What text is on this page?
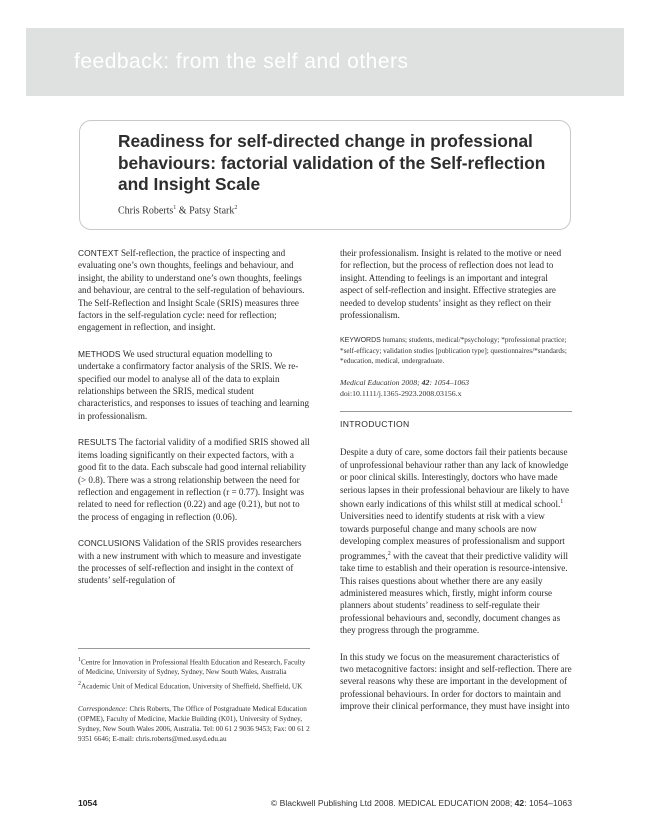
feedback: from the self and others
Readiness for self-directed change in professional behaviours: factorial validation of the Self-reflection and Insight Scale
Chris Roberts$^1$ & Patsy Stark$^2$

CONTEXT Self-reflection, the practice of inspecting and evaluating one’s own thoughts, feelings and behaviour, and insight, the ability to understand one’s own thoughts, feelings and behaviour, are central to the self-regulation of behaviours. The Self-Reflection and Insight Scale (SRIS) measures three factors in the self-regulation cycle: need for reflection; engagement in reflection, and insight.

METHODS We used structural equation modelling to undertake a confirmatory factor analysis of the SRIS. We re-specified our model to analyse all of the data to explain relationships between the SRIS, medical student characteristics, and responses to issues of teaching and learning in professionalism.

RESULTS The factorial validity of a modified SRIS showed all items loading significantly on their expected factors, with a good fit to the data. Each subscale had good internal reliability (> 0.8). There was a strong relationship between the need for reflection and engagement in reflection (r = 0.77). Insight was related to need for reflection (0.22) and age (0.21), but not to the process of engaging in reflection (0.06).

CONCLUSIONS Validation of the SRIS provides researchers with a new instrument with which to measure and investigate the processes of self-reflection and insight in the context of students’ self-regulation of

$^1$Centre for Innovation in Professional Health Education and Research, Faculty of Medicine, University of Sydney, Sydney, New South Wales, Australia

$^2$Academic Unit of Medical Education, University of Sheffield, Sheffield, UK

Correspondence: Chris Roberts, The Office of Postgraduate Medical Education (OPME), Faculty of Medicine, Mackie Building (K01), University of Sydney, Sydney, New South Wales 2006, Australia. Tel: 00 61 2 9036 9453; Fax: 00 61 2 9351 6646; E-mail: chris.roberts@med.usyd.edu.au

their professionalism. Insight is related to the motive or need for reflection, but the process of reflection does not lead to insight. Attending to feelings is an important and integral aspect of self-reflection and insight. Effective strategies are needed to develop students’ insight as they reflect on their professionalism.

KEYWORDS humans; students, medical/*psychology; *professional practice; *self-efficacy; validation studies [publication type]; questionnaires/*standards; *education, medical, undergraduate.

Medical Education 2008; 42: 1054–1063

doi:10.1111/j.1365-2923.2008.03156.x

INTRODUCTION

Despite a duty of care, some doctors fail their patients because of unprofessional behaviour rather than any lack of knowledge or poor clinical skills. Interestingly, doctors who have made serious lapses in their professional behaviour are likely to have shown early indications of this whilst still at medical school.$^1$ Universities need to identify students at risk with a view towards purposeful change and many schools are now developing complex measures of professionalism and support programmes,$^2$ with the caveat that their predictive validity will take time to establish and their operation is resource-intensive. This raises questions about whether there are any easily administered measures which, firstly, might inform course planners about students’ readiness to self-regulate their professional behaviours and, secondly, document changes as they progress through the programme.

In this study we focus on the measurement characteristics of two metacognitive factors: insight and self-reflection. There are several reasons why these are important in the development of professional behaviours. In order for doctors to maintain and improve their clinical performance, they must have insight into

1054	© Blackwell Publishing Ltd 2008. MEDICAL EDUCATION 2008; 42: 1054–1063
